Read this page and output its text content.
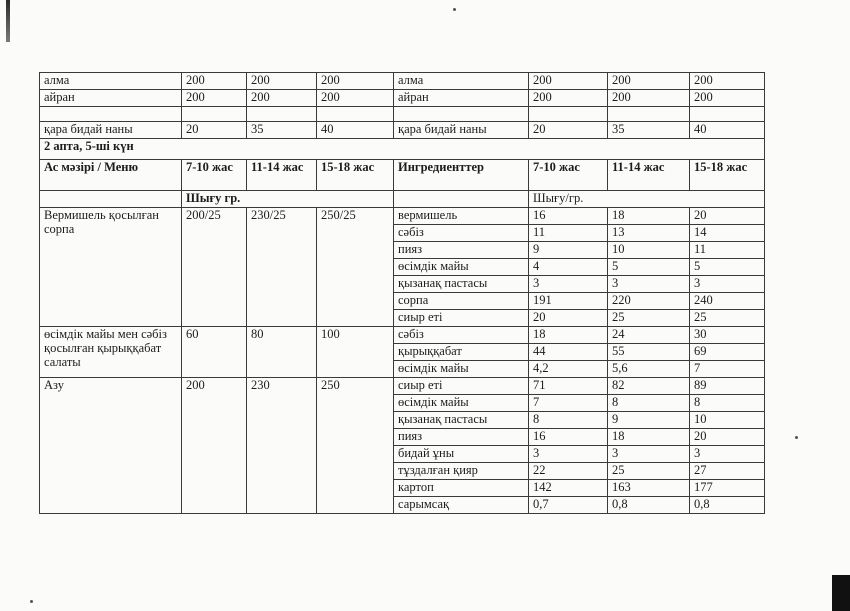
алма	200	200	200	алма	200	200	200
айран	200	200	200	айран	200	200	200

қара бидай наны	20	35	40	қара бидай наны	20	35	40
2 апта, 5-ші күн							
Ас мәзірі / Меню	7-10 жас	11-14 жас	15-18 жас	Ингредиенттер	7-10 жас	11-14 жас	15-18 жас
	Шығу гр.				Шығу/гр.		
Вермишель қосылған сорпа	200/25	230/25	250/25	вермишель	16	18	20
				сәбіз	11	13	14
				пияз	9	10	11
				өсімдік майы	4	5	5
				қызанақ пастасы	3	3	3
				сорпа	191	220	240
				сиыр еті	20	25	25
өсімдік майы мен сәбіз қосылған қырыққабат салаты	60	80	100	сәбіз	18	24	30
				қырыққабат	44	55	69
				өсімдік майы	4,2	5,6	7
Азу	200	230	250	сиыр еті	71	82	89
				өсімдік майы	7	8	8
				қызанақ пастасы	8	9	10
				пияз	16	18	20
				бидай ұны	3	3	3
				тұздалған қияр	22	25	27
				картоп	142	163	177
				сарымсақ	0,7	0,8	0,8
